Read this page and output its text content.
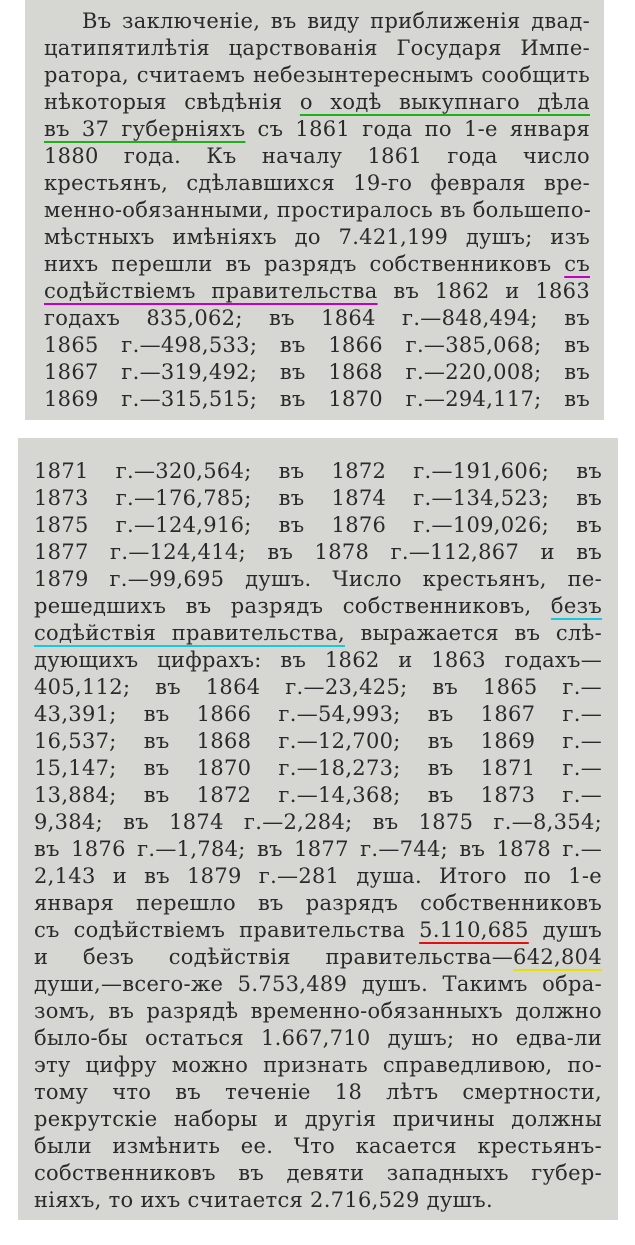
Въ заключеніе, въ виду приближенія двад-
цатипятилѣтія царствованія Государя Импе-
ратора, считаемъ небезынтереснымъ сообщить
нѣкоторыя свѣдѣнія о ходѣ выкупнаго дѣла
въ 37 губерніяхъ съ 1861 года по 1-е января
1880 года. Къ началу 1861 года число
крестьянъ, сдѣлавшихся 19-го февраля вре-
менно-обязанными, простиралось въ большепо-
мѣстныхъ имѣніяхъ до 7.421,199 душъ; изъ
нихъ перешли въ разрядъ собственниковъ съ
содѣйствіемъ правительства въ 1862 и 1863
годахъ 835,062; въ 1864 г.—848,494; въ
1865 г.—498,533; въ 1866 г.—385,068; въ
1867 г.—319,492; въ 1868 г.—220,008; въ
1869 г.—315,515; въ 1870 г.—294,117; въ
1871 г.—320,564; въ 1872 г.—191,606; въ
1873 г.—176,785; въ 1874 г.—134,523; въ
1875 г.—124,916; въ 1876 г.—109,026; въ
1877 г.—124,414; въ 1878 г.—112,867 и въ
1879 г.—99,695 душъ. Число крестьянъ, пе-
решедшихъ въ разрядъ собственниковъ, безъ
содѣйствія правительства, выражается въ слѣ-
дующихъ цифрахъ: въ 1862 и 1863 годахъ—
405,112; въ 1864 г.—23,425; въ 1865 г.—
43,391; въ 1866 г.—54,993; въ 1867 г.—
16,537; въ 1868 г.—12,700; въ 1869 г.—
15,147; въ 1870 г.—18,273; въ 1871 г.—
13,884; въ 1872 г.—14,368; въ 1873 г.—
9,384; въ 1874 г.—2,284; въ 1875 г.—8,354;
въ 1876 г.—1,784; въ 1877 г.—744; въ 1878 г.—
2,143 и въ 1879 г.—281 душа. Итого по 1-е
января перешло въ разрядъ собственниковъ
съ содѣйствіемъ правительства 5.110,685 душъ
и безъ содѣйствія правительства—642,804
души,—всего-же 5.753,489 душъ. Такимъ обра-
зомъ, въ разрядѣ временно-обязанныхъ должно
было-бы остаться 1.667,710 душъ; но едва-ли
эту цифру можно признать справедливою, по-
тому что въ теченіе 18 лѣтъ смертности,
рекрутскіе наборы и другія причины должны
были измѣнить ее. Что касается крестьянъ-
собственниковъ въ девяти западныхъ губер-
ніяхъ, то ихъ считается 2.716,529 душъ.
